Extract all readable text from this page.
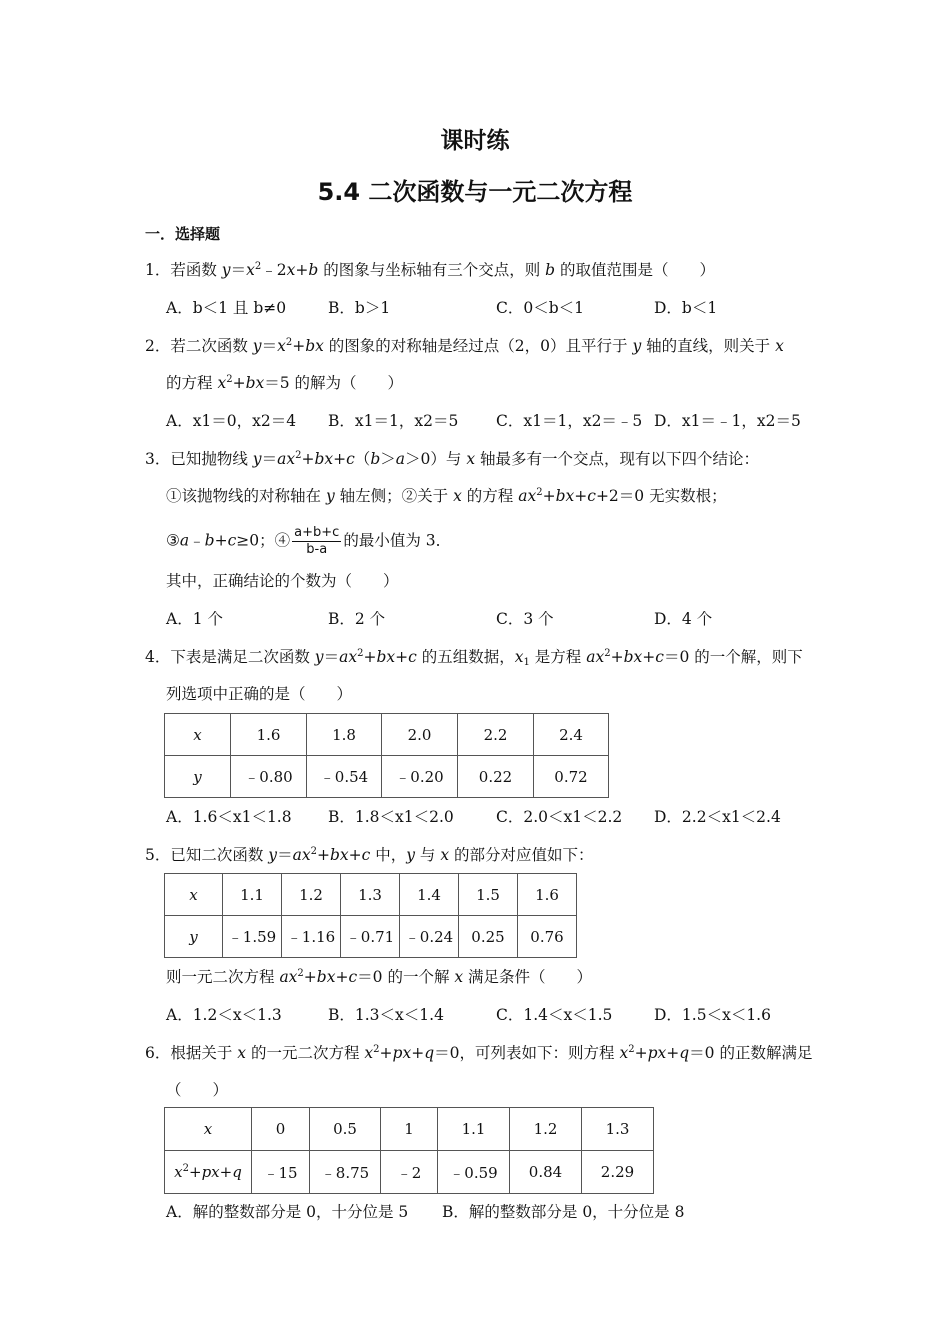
课时练
5.4 二次函数与一元二次方程
一．选择题
1．若函数 $y=x^2﹣2x+b$ 的图象与坐标轴有三个交点，则 b 的取值范围是（　　）
A．b＜1 且 b≠0	B．b＞1	C．0＜b＜1	D．b＜1
2．若二次函数 $y=x^2+bx$ 的图象的对称轴是经过点（2，0）且平行于 y 轴的直线，则关于 x
的方程 $x^2+bx=5$ 的解为（　　）
A．x1＝0，x2＝4 B．x1＝1，x2＝5 C．x1＝1，x2＝﹣5 D．x1＝﹣1，x2＝5
3．已知抛物线 $y=ax^2+bx+c(b>a>0)$与 x 轴最多有一个交点，现有以下四个结论：
①该抛物线的对称轴在 y 轴左侧；②关于 x 的方程 $ax^2+bx+c+2=0$ 无实数根；
③a﹣b+c≥0；④ $\frac{a+b+c}{b-a}$ 的最小值为 3．
其中，正确结论的个数为（　　）
A．1 个	B．2 个	C．3 个	D．4 个
4．下表是满足二次函数 $y=ax^2+bx+c$ 的五组数据，$x_1$ 是方程 $ax^2+bx+c=0$ 的一个解，则下
列选项中正确的是（　　）
x	1.6	1.8	2.0	2.2	2.4
y	﹣0.80	﹣0.54	﹣0.20	0.22	0.72
A．1.6＜x1＜1.8 B．1.8＜x1＜2.0	C．2.0＜x1＜2.2 D．2.2＜x1＜2.4
5．已知二次函数 $y=ax^2+bx+c$ 中，y 与 x 的部分对应值如下：
x	1.1	1.2	1.3	1.4	1.5	1.6
y	﹣1.59	﹣1.16	﹣0.71	﹣0.24	0.25	0.76
则一元二次方程 $ax^2+bx+c=0$ 的一个解 x 满足条件（　　）
A．1.2＜x＜1.3	B．1.3＜x＜1.4	C．1.4＜x＜1.5	D．1.5＜x＜1.6
6．根据关于 x 的一元二次方程 $x^2+px+q=0$，可列表如下：则方程 $x^2+px+q=0$ 的正数解满足
（　　）
x	0	0.5	1	1.1	1.2	1.3
$x^2+px+q$	﹣15	﹣8.75	﹣2	﹣0.59	0.84	2.29
A．解的整数部分是 0，十分位是 5 B．解的整数部分是 0，十分位是 8
